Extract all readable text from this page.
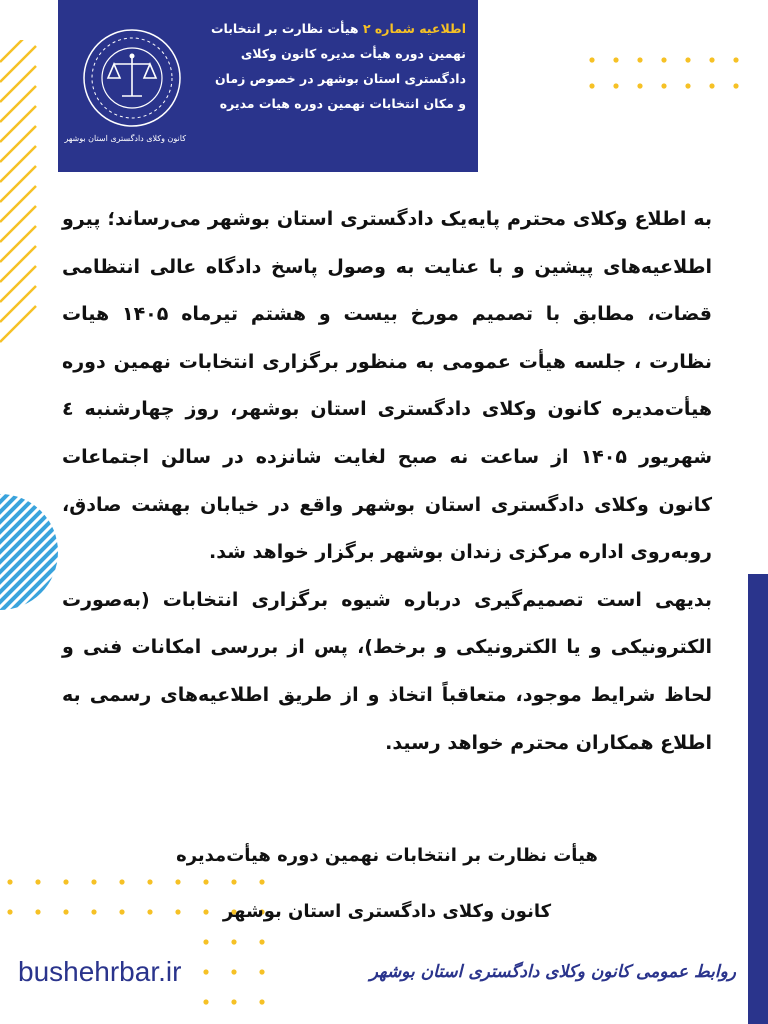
کانون وکلای دادگستری استان بوشهر
اطلاعیه شماره ۲ هیأت نظارت بر انتخابات
نهمین دوره هیأت مدیره کانون وکلای
دادگستری استان بوشهر در خصوص زمان
و مکان انتخابات نهمین دوره هیات مدیره

به اطلاع وکلای محترم پایه‌یک دادگستری استان بوشهر می‌رساند؛ پیرو اطلاعیه‌های پیشین و با عنایت به وصول پاسخ دادگاه عالی انتظامی قضات، مطابق با تصمیم مورخ بیست و هشتم تیرماه ۱۴۰۵ هیات نظارت ، جلسه هیأت عمومی به منظور برگزاری انتخابات نهمین دوره هیأت‌مدیره کانون وکلای دادگستری استان بوشهر، روز چهارشنبه ٤ شهریور ۱۴۰۵ از ساعت نه صبح لغایت شانزده در سالن اجتماعات کانون وکلای دادگستری استان بوشهر واقع در خیابان بهشت صادق، روبه‌روی اداره مرکزی زندان بوشهر برگزار خواهد شد.

بدیهی است تصمیم‌گیری درباره شیوه برگزاری انتخابات (به‌صورت الکترونیکی و یا الکترونیکی و برخط)، پس از بررسی امکانات فنی و لحاظ شرایط موجود، متعاقباً اتخاذ و از طریق اطلاعیه‌های رسمی به اطلاع همکاران محترم خواهد رسید.

هیأت نظارت بر انتخابات نهمین دوره هیأت‌مدیره
کانون وکلای دادگستری استان بوشهر
bushehrbar.ir	روابط عمومی کانون وکلای دادگستری استان بوشهر
